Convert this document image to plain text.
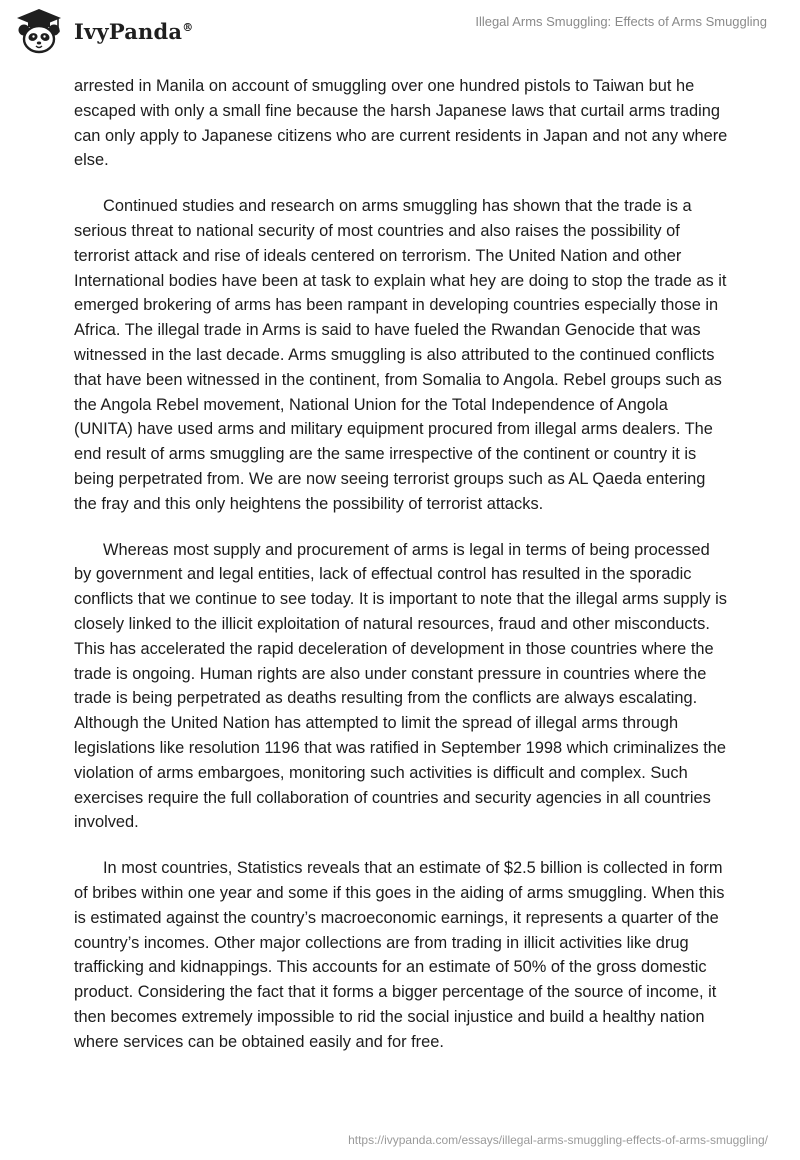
IvyPanda®	Illegal Arms Smuggling: Effects of Arms Smuggling

arrested in Manila on account of smuggling over one hundred pistols to Taiwan but he escaped with only a small fine because the harsh Japanese laws that curtail arms trading can only apply to Japanese citizens who are current residents in Japan and not any where else.

Continued studies and research on arms smuggling has shown that the trade is a serious threat to national security of most countries and also raises the possibility of terrorist attack and rise of ideals centered on terrorism. The United Nation and other International bodies have been at task to explain what hey are doing to stop the trade as it emerged brokering of arms has been rampant in developing countries especially those in Africa. The illegal trade in Arms is said to have fueled the Rwandan Genocide that was witnessed in the last decade. Arms smuggling is also attributed to the continued conflicts that have been witnessed in the continent, from Somalia to Angola. Rebel groups such as the Angola Rebel movement, National Union for the Total Independence of Angola (UNITA) have used arms and military equipment procured from illegal arms dealers. The end result of arms smuggling are the same irrespective of the continent or country it is being perpetrated from. We are now seeing terrorist groups such as AL Qaeda entering the fray and this only heightens the possibility of terrorist attacks.

Whereas most supply and procurement of arms is legal in terms of being processed by government and legal entities, lack of effectual control has resulted in the sporadic conflicts that we continue to see today. It is important to note that the illegal arms supply is closely linked to the illicit exploitation of natural resources, fraud and other misconducts. This has accelerated the rapid deceleration of development in those countries where the trade is ongoing. Human rights are also under constant pressure in countries where the trade is being perpetrated as deaths resulting from the conflicts are always escalating. Although the United Nation has attempted to limit the spread of illegal arms through legislations like resolution 1196 that was ratified in September 1998 which criminalizes the violation of arms embargoes, monitoring such activities is difficult and complex. Such exercises require the full collaboration of countries and security agencies in all countries involved.

In most countries, Statistics reveals that an estimate of $2.5 billion is collected in form of bribes within one year and some if this goes in the aiding of arms smuggling. When this is estimated against the country’s macroeconomic earnings, it represents a quarter of the country’s incomes. Other major collections are from trading in illicit activities like drug trafficking and kidnappings. This accounts for an estimate of 50% of the gross domestic product. Considering the fact that it forms a bigger percentage of the source of income, it then becomes extremely impossible to rid the social injustice and build a healthy nation where services can be obtained easily and for free.

https://ivypanda.com/essays/illegal-arms-smuggling-effects-of-arms-smuggling/
